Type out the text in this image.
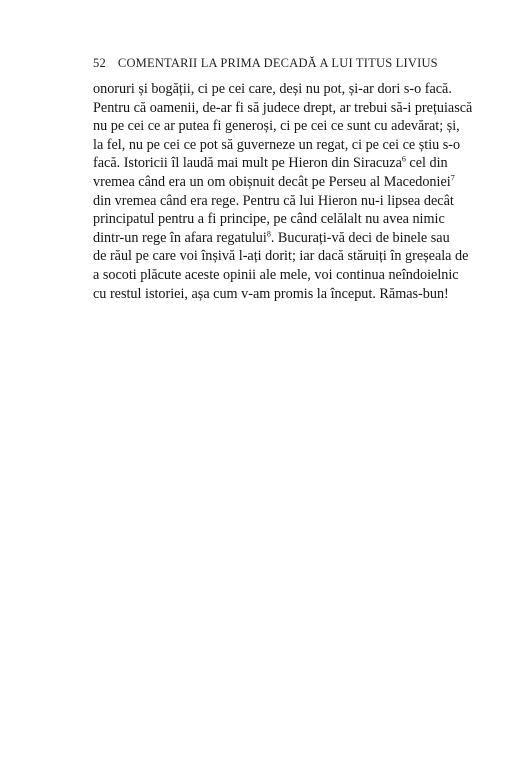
52 COMENTARII LA PRIMA DECADĂ A LUI TITUS LIVIUS
onoruri și bogății, ci pe cei care, deși nu pot, și-ar dori s-o facă.
Pentru că oamenii, de-ar fi să judece drept, ar trebui să-i prețuiască
nu pe cei ce ar putea fi generoși, ci pe cei ce sunt cu adevărat; și,
la fel, nu pe cei ce pot să guverneze un regat, ci pe cei ce știu s-o
facă. Istoricii îl laudă mai mult pe Hieron din Siracuza$^6$ cel din
vremea când era un om obișnuit decât pe Perseu al Macedoniei$^7$
din vremea când era rege. Pentru că lui Hieron nu-i lipsea decât
principatul pentru a fi principe, pe când celălalt nu avea nimic
dintr-un rege în afara regatului$^8$. Bucurați-vă deci de binele sau
de răul pe care voi înșivă l-ați dorit; iar dacă stăruiți în greșeala de
a socoti plăcute aceste opinii ale mele, voi continua neîndoielnic
cu restul istoriei, așa cum v-am promis la început. Rămas-bun!
